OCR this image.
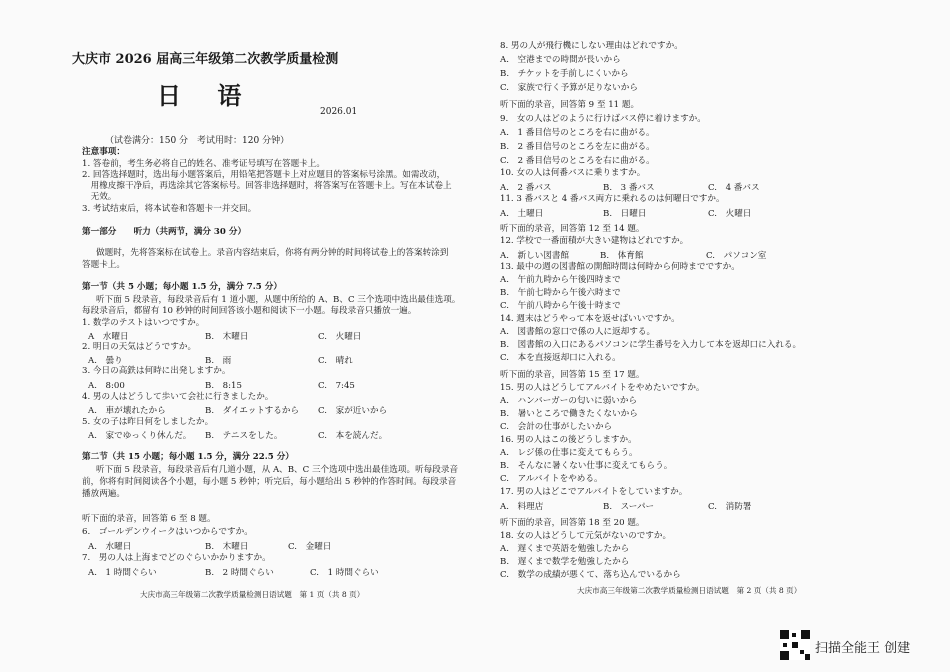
大庆市 2026 届高三年级第二次教学质量检测
日 语
2026.01
（试卷满分：150 分　考试用时：120 分钟）
注意事项：
1. 答卷前，考生务必将自己的姓名、准考证号填写在答题卡上。
2. 回答选择题时，选出每小题答案后，用铅笔把答题卡上对应题目的答案标号涂黑。如需改动，
　用橡皮擦干净后，再选涂其它答案标号。回答非选择题时，将答案写在答题卡上。写在本试卷上
　无效。
3. 考试结束后，将本试卷和答题卡一并交回。
第一部分　　听力（共两节，满分 30 分）
做题时，先将答案标在试卷上。录音内容结束后，你将有两分钟的时间将试卷上的答案转涂到
答题卡上。
第一节（共 5 小题；每小题 1.5 分，满分 7.5 分）
听下面 5 段录音，每段录音后有 1 道小题，从题中所给的 A、B、C 三个选项中选出最佳选项。
每段录音后，都留有 10 秒钟的时间回答该小题和阅读下一小题。每段录音只播放一遍。
1. 数学のテストはいつですか。
A　水曜日	B.　木曜日	C.　火曜日
2. 明日の天気はどうですか。
A.　曇り	B.　雨	C.　晴れ
3. 今日の高鉄は何時に出発しますか。
A.　8:00	B.　8:15	C.　7:45
4. 男の人はどうして歩いて会社に行きましたか。
A.　車が壊れたから	B.　ダイエットするから C.　家が近いから
5. 女の子は昨日何をしましたか。
A.　家でゆっくり休んだ。 B.　テニスをした。	C.　本を読んだ。
第二节（共 15 小题；每小题 1.5 分，满分 22.5 分）
听下面 5 段录音，每段录音后有几道小题，从 A、B、C 三个选项中选出最佳选项。听每段录音
前，你将有时间阅读各个小题，每小题 5 秒钟；听完后，每小题给出 5 秒钟的作答时间。每段录音
播放两遍。
听下面的录音，回答第 6 至 8 题。
6.　ゴールデンウイークはいつからですか。
A.　水曜日	B.　木曜日	C.　金曜日
7.　男の人は上海までどのぐらいかかりますか。
A.　1 時間ぐらい	B.　2 時間ぐらい	C.　1 時間ぐらい
大庆市高三年级第二次教学质量检测日语试题　第 1 页（共 8 页）
8. 男の人が飛行機にしない理由はどれですか。
A.　空港までの時間が長いから
B.　チケットを手前しにくいから
C.　家族で行く予算が足りないから
听下面的录音，回答第 9 至 11 题。
9.　女の人はどのように行けばバス停に着けますか。
A.　1 番目信号のところを右に曲がる。
B.　2 番目信号のところを左に曲がる。
C.　2 番目信号のところを右に曲がる。
10. 女の人は何番バスに乗りますか。
A.　2 番バス	B.　3 番バス	C.　4 番バス
11. 3 番バスと 4 番バス両方に乗れるのは何曜日ですか。
A.　土曜日	B.　日曜日	C.　火曜日
听下面的录音，回答第 12 至 14 題。
12. 学校で一番面積が大きい建物はどれですか。
A.　新しい図書館	B.　体育館	C.　パソコン室
13. 最中の週の図書館の開館時間は何時から何時までですか。
A.　午前九時から午後四時まで
B.　午前七時から午後六時まで
C.　午前八時から午後十時まで
14. 週末はどうやって本を返せばいいですか。
A.　図書館の窓口で係の人に返却する。
B.　図書館の入口にあるパソコンに学生番号を入力して本を返却口に入れる。
C.　本を直接返却口に入れる。
听下面的录音，回答第 15 至 17 题。
15. 男の人はどうしてアルバイトをやめたいですか。
A.　ハンバーガーの匂いに弱いから
B.　暑いところで働きたくないから
C.　会計の仕事がしたいから
16. 男の人はこの後どうしますか。
A.　レジ係の仕事に変えてもらう。
B.　そんなに暑くない仕事に変えてもらう。
C.　アルバイトをやめる。
17. 男の人はどこでアルバイトをしていますか。
A.　料理店	B.　スーパー	C.　消防署
听下面的录音，回答第 18 至 20 题。
18. 女の人はどうして元気がないのですか。
A.　遅くまで英語を勉強したから
B.　遅くまで数学を勉強したから
C.　数学の成績が悪くて、落ち込んでいるから
大庆市高三年级第二次教学质量检测日语试题　第 2 页（共 8 页）
扫描全能王 创建
